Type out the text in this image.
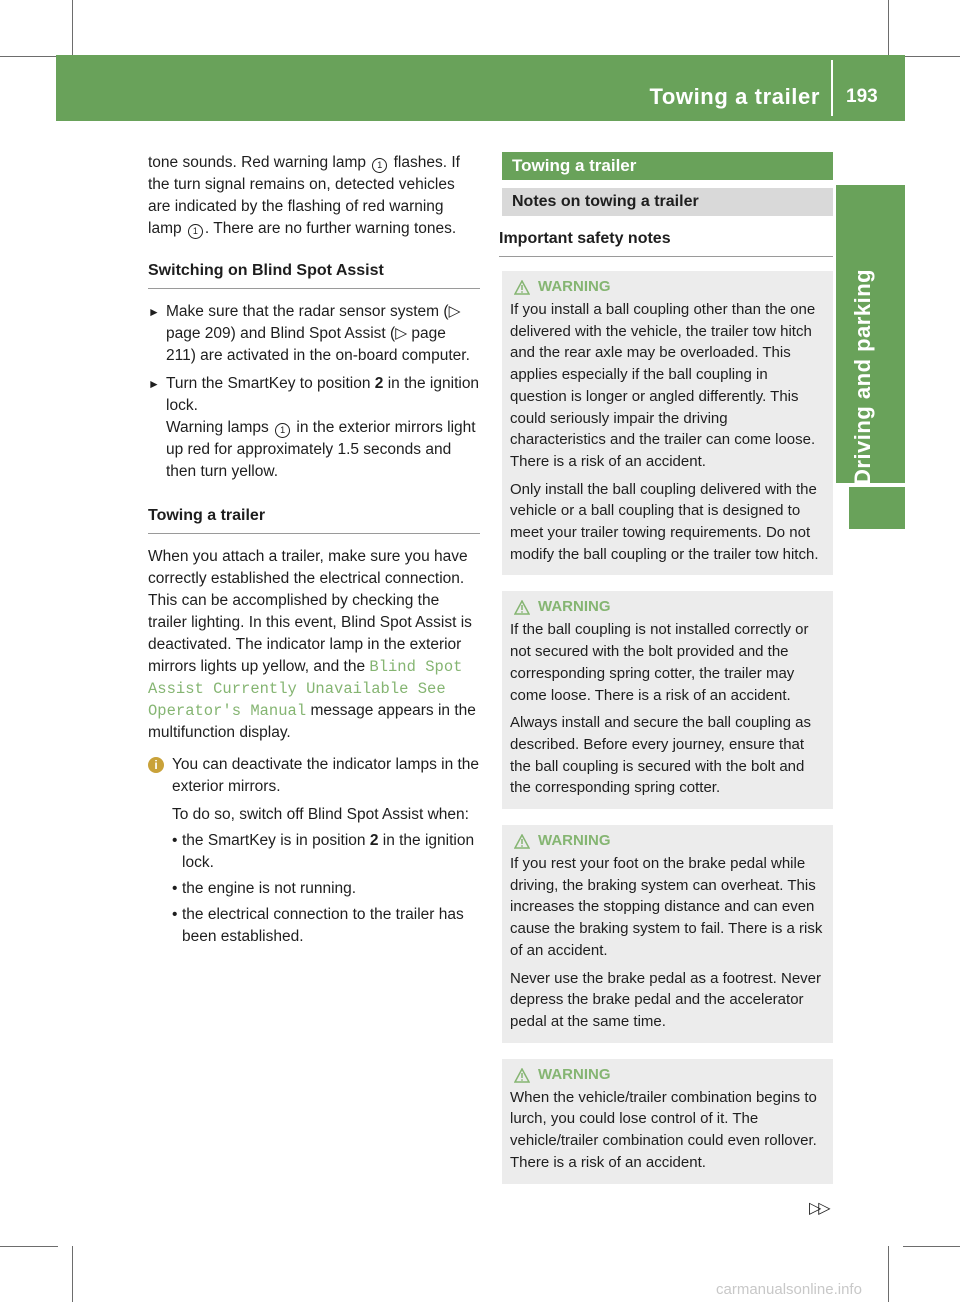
Towing a trailer 193
Driving and parking

tone sounds. Red warning lamp 1 flashes. If the turn signal remains on, detected vehicles are indicated by the flashing of red warning lamp 1 . There are no further warning tones.

Switching on Blind Spot Assist
► Make sure that the radar sensor system (▷ page 209) and Blind Spot Assist (▷ page 211) are activated in the on-board computer.
► Turn the SmartKey to position 2 in the ignition lock.
Warning lamps 1 in the exterior mirrors light up red for approximately 1.5 seconds and then turn yellow.
Towing a trailer

When you attach a trailer, make sure you have correctly established the electrical connection. This can be accomplished by checking the trailer lighting. In this event, Blind Spot Assist is deactivated. The indicator lamp in the exterior mirrors lights up yellow, and the Blind Spot Assist Currently Unavailable See Operator's Manual message appears in the multifunction display.

i You can deactivate the indicator lamps in the exterior mirrors.

To do so, switch off Blind Spot Assist when:

• the SmartKey is in position 2 in the ignition lock.
• the engine is not running.
• the electrical connection to the trailer has been established.
Towing a trailer
Notes on towing a trailer
Important safety notes
WARNING

If you install a ball coupling other than the one delivered with the vehicle, the trailer tow hitch and the rear axle may be overloaded. This applies especially if the ball coupling in question is longer or angled differently. This could seriously impair the driving characteristics and the trailer can come loose. There is a risk of an accident.

Only install the ball coupling delivered with the vehicle or a ball coupling that is designed to meet your trailer towing requirements. Do not modify the ball coupling or the trailer tow hitch.

WARNING

If the ball coupling is not installed correctly or not secured with the bolt provided and the corresponding spring cotter, the trailer may come loose. There is a risk of an accident.

Always install and secure the ball coupling as described. Before every journey, ensure that the ball coupling is secured with the bolt and the corresponding spring cotter.

WARNING

If you rest your foot on the brake pedal while driving, the braking system can overheat. This increases the stopping distance and can even cause the braking system to fail. There is a risk of an accident.

Never use the brake pedal as a footrest. Never depress the brake pedal and the accelerator pedal at the same time.

WARNING

When the vehicle/trailer combination begins to lurch, you could lose control of it. The vehicle/trailer combination could even rollover. There is a risk of an accident.

▷▷
carmanualsonline.info
